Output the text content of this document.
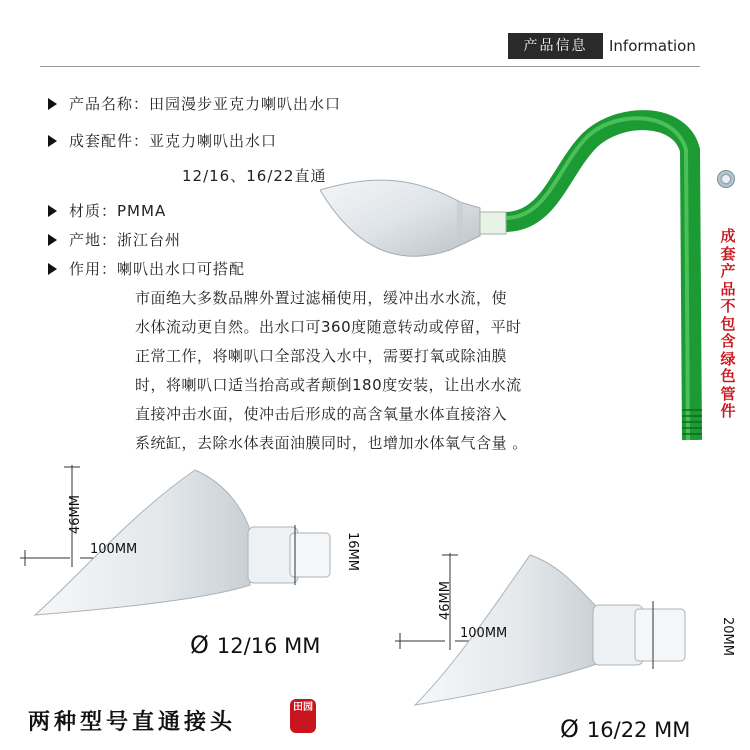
产品信息	Information
产品名称：田园漫步亚克力喇叭出水口
成套配件：亚克力喇叭出水口
12/16、16/22直通
材质：PMMA
产地：浙江台州
作用：喇叭出水口可搭配
市面绝大多数品牌外置过滤桶使用，缓冲出水水流，使
水体流动更自然。出水口可360度随意转动或停留，平时
正常工作，将喇叭口全部没入水中，需要打氧或除油膜
时，将喇叭口适当抬高或者颠倒180度安装，让出水水流
直接冲击水面，使冲击后形成的高含氧量水体直接溶入
系统缸，去除水体表面油膜同时，也增加水体氧气含量 。
成套产品不包含绿色管件
46MM
100MM	16MM
Ø 12/16 MM
46MM
100MM	20MM
Ø 16/22 MM
两种型号直通接头
田园
